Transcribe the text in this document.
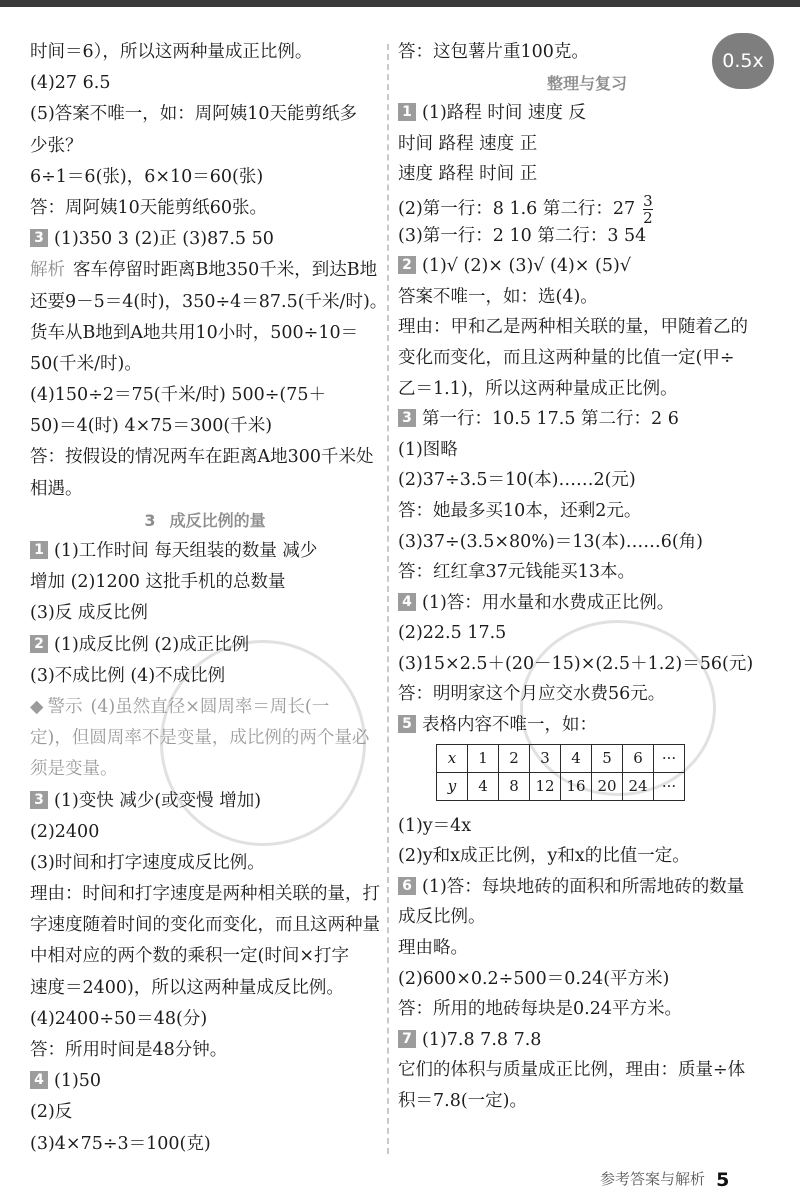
0.5x
时间＝6），所以这两种量成正比例。
(4)27 6.5
(5)答案不唯一，如：周阿姨10天能剪纸多
少张？
6÷1＝6(张)，6×10＝60(张)
答：周阿姨10天能剪纸60张。
3 (1)350 3 (2)正 (3)87.5 50
解析 客车停留时距离B地350千米，到达B地
还要9－5＝4(时)，350÷4＝87.5(千米/时)。
货车从B地到A地共用10小时，500÷10＝
50(千米/时)。
(4)150÷2＝75(千米/时) 500÷(75＋
50)＝4(时) 4×75＝300(千米)
答：按假设的情况两车在距离A地300千米处
相遇。
3 成反比例的量
1 (1)工作时间 每天组装的数量 减少
增加 (2)1200 这批手机的总数量
(3)反 成反比例
2 (1)成反比例 (2)成正比例
(3)不成比例 (4)不成比例
◆ 警示 (4)虽然直径×圆周率＝周长(一
定)，但圆周率不是变量，成比例的两个量必
须是变量。
3 (1)变快 减少(或变慢 增加)
(2)2400
(3)时间和打字速度成反比例。
理由：时间和打字速度是两种相关联的量，打
字速度随着时间的变化而变化，而且这两种量
中相对应的两个数的乘积一定(时间×打字
速度＝2400)，所以这两种量成反比例。
(4)2400÷50＝48(分)
答：所用时间是48分钟。
4 (1)50
(2)反
(3)4×75÷3＝100(克)
答：这包薯片重100克。
整理与复习
1 (1)路程 时间 速度 反
时间 路程 速度 正
速度 路程 时间 正
(2)第一行：8 1.6 第二行：$27 \frac{3}{2}$
(3)第一行：2 10 第二行：3 54
2 (1)√ (2)× (3)√ (4)× (5)√
答案不唯一，如：选(4)。
理由：甲和乙是两种相关联的量，甲随着乙的
变化而变化，而且这两种量的比值一定(甲÷
乙＝1.1)，所以这两种量成正比例。
3 第一行：10.5 17.5 第二行：2 6
(1)图略
(2)37÷3.5＝10(本)……2(元)
答：她最多买10本，还剩2元。
(3)37÷(3.5×80%)＝13(本)……6(角)
答：红红拿37元钱能买13本。
4 (1)答：用水量和水费成正比例。
(2)22.5 17.5
(3)15×2.5＋(20－15)×(2.5＋1.2)＝56(元)
答：明明家这个月应交水费56元。
5 表格内容不唯一，如：
x	1	2	3	4	5	6	···
y	4	8	12	16	20	24	···
(1)y＝4x
(2)y和x成正比例，y和x的比值一定。
6 (1)答：每块地砖的面积和所需地砖的数量
成反比例。
理由略。
(2)600×0.2÷500＝0.24(平方米)
答：所用的地砖每块是0.24平方米。
7 (1)7.8 7.8 7.8
它们的体积与质量成正比例，理由：质量÷体
积＝7.8(一定)。
参考答案与解析 5
